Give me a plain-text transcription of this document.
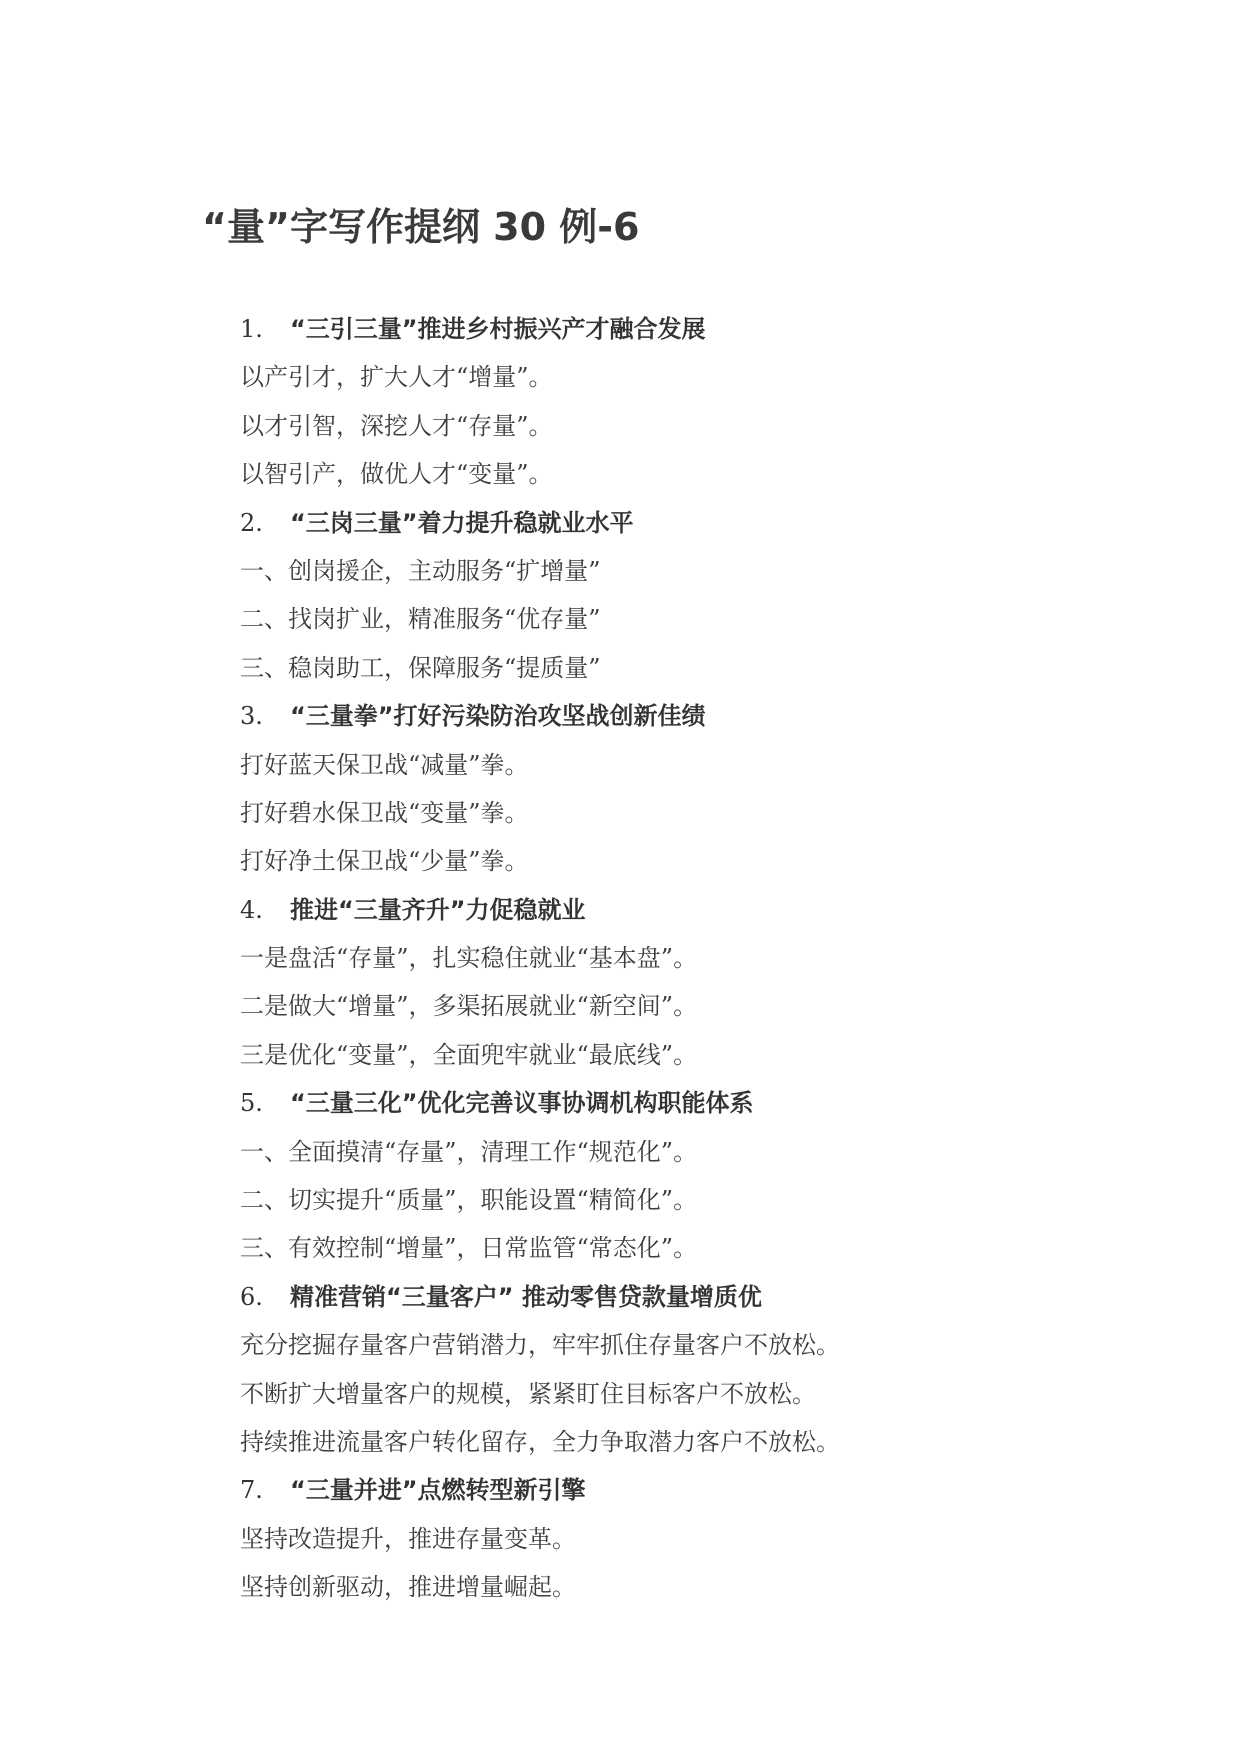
“量”字写作提纲 30 例-6
1. “三引三量”推进乡村振兴产才融合发展
以产引才，扩大人才“增量”。
以才引智，深挖人才“存量”。
以智引产，做优人才“变量”。
2. “三岗三量”着力提升稳就业水平
一、创岗援企，主动服务“扩增量”
二、找岗扩业，精准服务“优存量”
三、稳岗助工，保障服务“提质量”
3. “三量拳”打好污染防治攻坚战创新佳绩
打好蓝天保卫战“减量”拳。
打好碧水保卫战“变量”拳。
打好净土保卫战“少量”拳。
4. 推进“三量齐升”力促稳就业
一是盘活“存量”，扎实稳住就业“基本盘”。
二是做大“增量”，多渠拓展就业“新空间”。
三是优化“变量”，全面兜牢就业“最底线”。
5. “三量三化”优化完善议事协调机构职能体系
一、全面摸清“存量”，清理工作“规范化”。
二、切实提升“质量”，职能设置“精简化”。
三、有效控制“增量”，日常监管“常态化”。
6. 精准营销“三量客户” 推动零售贷款量增质优
充分挖掘存量客户营销潜力，牢牢抓住存量客户不放松。
不断扩大增量客户的规模，紧紧盯住目标客户不放松。
持续推进流量客户转化留存，全力争取潜力客户不放松。
7. “三量并进”点燃转型新引擎
坚持改造提升，推进存量变革。
坚持创新驱动，推进增量崛起。
